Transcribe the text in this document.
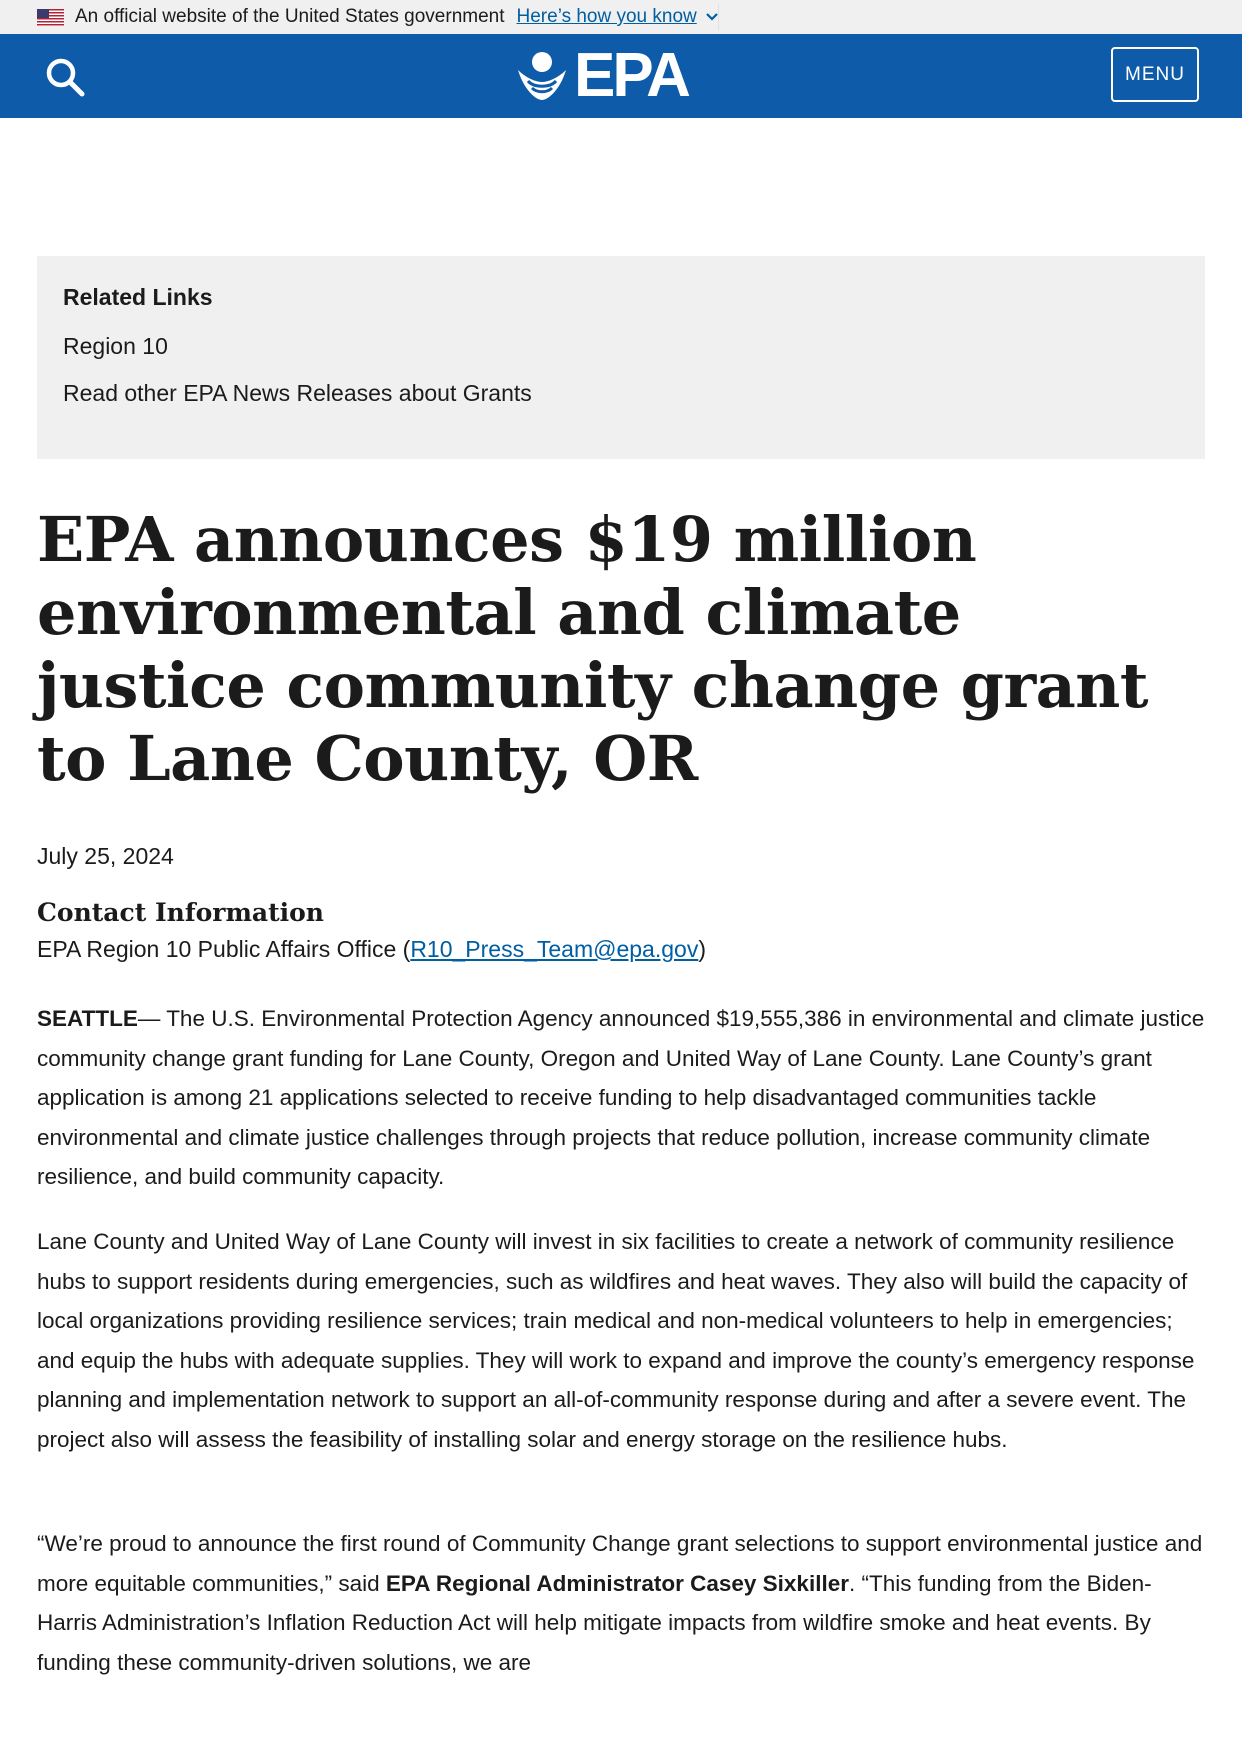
An official website of the United States government Here’s how you know
EPA	MENU
Related Links
Region 10
Read other EPA News Releases about Grants
EPA announces $19 million environmental and climate justice community change grant to Lane County, OR
July 25, 2024
Contact Information
EPA Region 10 Public Affairs Office (R10_Press_Team@epa.gov)

SEATTLE— The U.S. Environmental Protection Agency announced $19,555,386 in environmental and climate justice community change grant funding for Lane County, Oregon and United Way of Lane County. Lane County’s grant application is among 21 applications selected to receive funding to help disadvantaged communities tackle environmental and climate justice challenges through projects that reduce pollution, increase community climate resilience, and build community capacity.

Lane County and United Way of Lane County will invest in six facilities to create a network of community resilience hubs to support residents during emergencies, such as wildfires and heat waves. They also will build the capacity of local organizations providing resilience services; train medical and non-medical volunteers to help in emergencies; and equip the hubs with adequate supplies. They will work to expand and improve the county’s emergency response planning and implementation network to support an all-of-community response during and after a severe event. The project also will assess the feasibility of installing solar and energy storage on the resilience hubs.

“We’re proud to announce the first round of Community Change grant selections to support environmental justice and more equitable communities,” said EPA Regional Administrator Casey Sixkiller. “This funding from the Biden-Harris Administration’s Inflation Reduction Act will help mitigate impacts from wildfire smoke and heat events. By funding these community-driven solutions, we are
